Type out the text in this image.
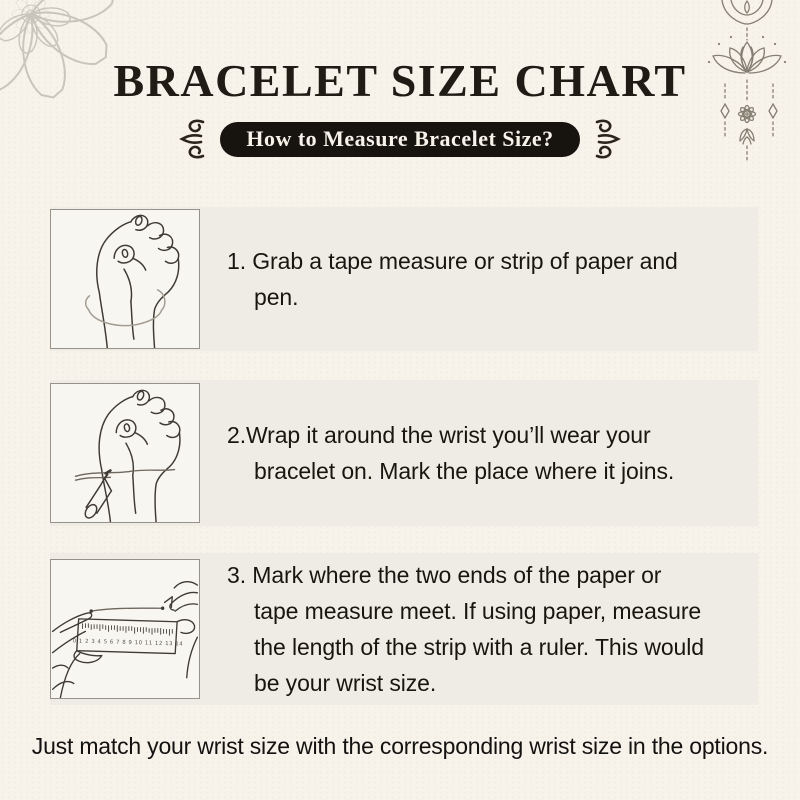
BRACELET SIZE CHART
How to Measure Bracelet Size?
1. Grab a tape measure or strip of paper and
pen.
2.Wrap it around the wrist you’ll wear your
bracelet on. Mark the place where it joins.
0 1 2 3 4 5 6 7 8 9 10 11 12 13 14
3. Mark where the two ends of the paper or
tape measure meet. If using paper, measure
the length of the strip with a ruler. This would
be your wrist size.
Just match your wrist size with the corresponding wrist size in the options.
